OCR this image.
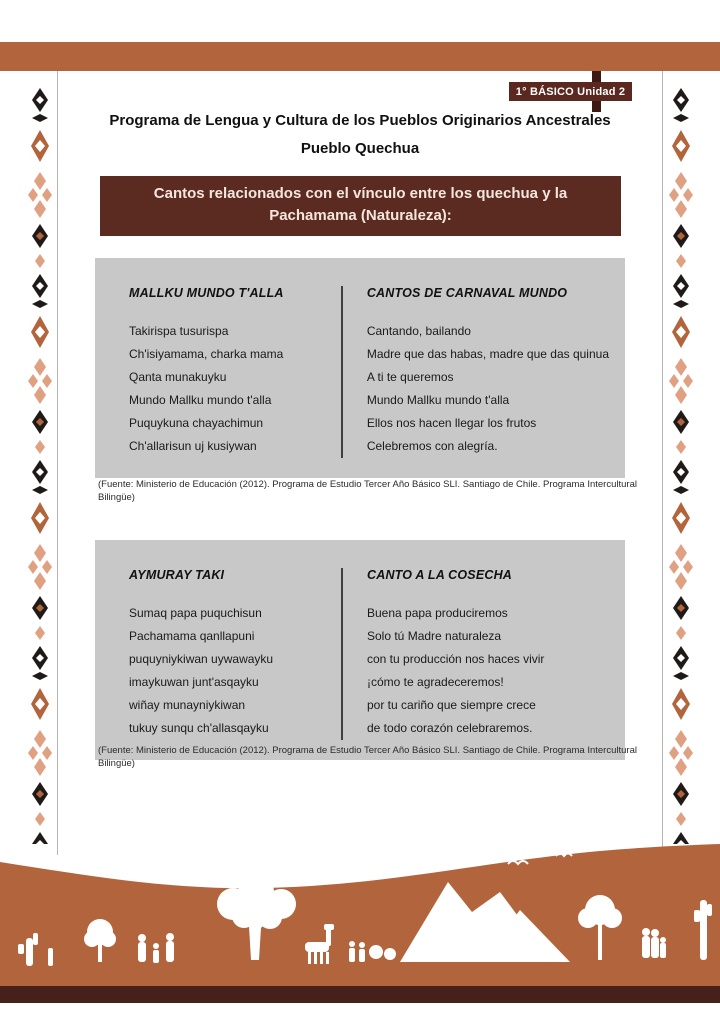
1° BÁSICO Unidad 2
Programa de Lengua y Cultura de los Pueblos Originarios Ancestrales
Pueblo Quechua
Cantos relacionados con el vínculo entre los quechua y la Pachamama (Naturaleza):
MALLKU MUNDO T'ALLA
Takirispa tusurispa
Ch'isiyamama, charka mama
Qanta munakuyku
Mundo Mallku mundo t'alla
Puquykuna chayachimun
Ch'allarisun uj kusiywan
CANTOS DE CARNAVAL MUNDO
Cantando, bailando
Madre que das habas, madre que das quinua
A ti te queremos
Mundo Mallku mundo t'alla
Ellos nos hacen llegar los frutos
Celebremos con alegría.

(Fuente: Ministerio de Educación (2012). Programa de Estudio Tercer Año Básico SLI. Santiago de Chile. Programa Intercultural Bilingüe)

AYMURAY TAKI
Sumaq papa puquchisun
Pachamama qanllapuni
puquyniykiwan uywawayku
imaykuwan junt'asqayku
wiñay munayniykiwan
tukuy sunqu ch'allasqayku
CANTO A LA COSECHA
Buena papa produciremos
Solo tú Madre naturaleza
con tu producción nos haces vivir
¡cómo te agradeceremos!
por tu cariño que siempre crece
de todo corazón celebraremos.

(Fuente: Ministerio de Educación (2012). Programa de Estudio Tercer Año Básico SLI. Santiago de Chile. Programa Intercultural Bilingüe)
